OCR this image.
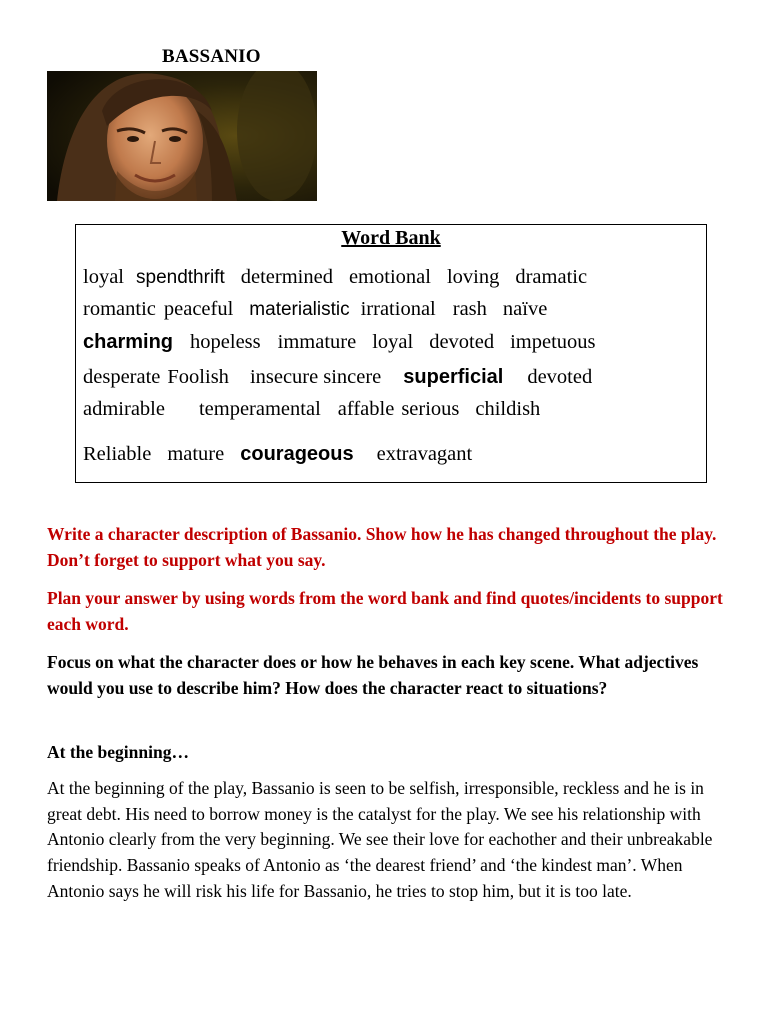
BASSANIO
Word Bank
loyal spendthrift determined emotional loving dramatic
romantic peaceful materialistic irrational rash naïve
charming hopeless immature loyal devoted impetuous
desperate Foolish insecure sincere superficial devoted
admirable temperamental affable serious childish
Reliable mature courageous extravagant
Write a character description of Bassanio. Show how he has changed throughout the play. Don’t forget to support what you say.
Plan your answer by using words from the word bank and find quotes/incidents to support each word.
Focus on what the character does or how he behaves in each key scene. What adjectives would you use to describe him? How does the character react to situations?
At the beginning…
At the beginning of the play, Bassanio is seen to be selfish, irresponsible, reckless and he is in great debt. His need to borrow money is the catalyst for the play. We see his relationship with Antonio clearly from the very beginning. We see their love for eachother and their unbreakable friendship. Bassanio speaks of Antonio as ‘the dearest friend’ and ‘the kindest man’. When Antonio says he will risk his life for Bassanio, he tries to stop him, but it is too late.
